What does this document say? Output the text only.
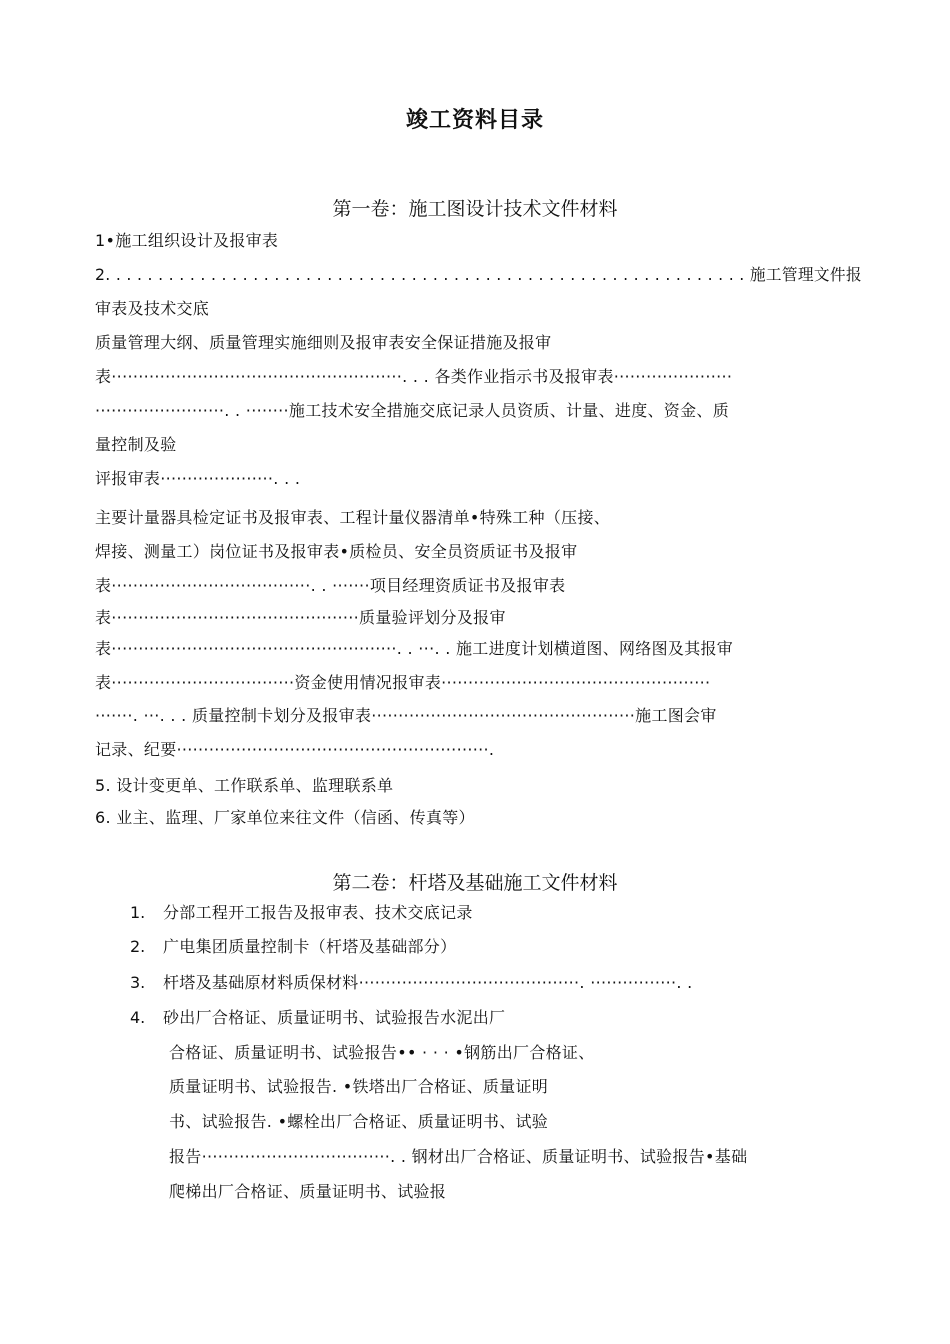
竣工资料目录
第一卷：施工图设计技术文件材料
1•施工组织设计及报审表
2. . . . . . . . . . . . . . . . . . . . . . . . . . . . . . . . . . . . . . . . . . . . . . . . . . . . . . . . . . . . . 施工管理文件报
审表及技术交底
质量管理大纲、质量管理实施细则及报审表安全保证措施及报审
表······················································. . . 各类作业指示书及报审表······················
························. . ········施工技术安全措施交底记录人员资质、计量、进度、资金、质
量控制及验
评报审表·····················. . .
主要计量器具检定证书及报审表、工程计量仪器清单•特殊工种（压接、
焊接、测量工）岗位证书及报审表•质检员、安全员资质证书及报审
表·····································. . ·······项目经理资质证书及报审表
表··············································质量验评划分及报审
表·····················································. . ···. . 施工进度计划横道图、网络图及其报审
表··································资金使用情况报审表··················································
·······. ···. . . 质量控制卡划分及报审表·················································施工图会审
记录、纪要··························································.
5. 设计变更单、工作联系单、监理联系单
6. 业主、监理、厂家单位来往文件（信函、传真等）
第二卷：杆塔及基础施工文件材料
1. 分部工程开工报告及报审表、技术交底记录
2. 广电集团质量控制卡（杆塔及基础部分）
3. 杆塔及基础原材料质保材料·········································. ················. .
4. 砂出厂合格证、质量证明书、试验报告水泥出厂
合格证、质量证明书、试验报告•• · · · •钢筋出厂合格证、
质量证明书、试验报告. •铁塔出厂合格证、质量证明
书、试验报告. •螺栓出厂合格证、质量证明书、试验
报告···································. . 钢材出厂合格证、质量证明书、试验报告•基础
爬梯出厂合格证、质量证明书、试验报
